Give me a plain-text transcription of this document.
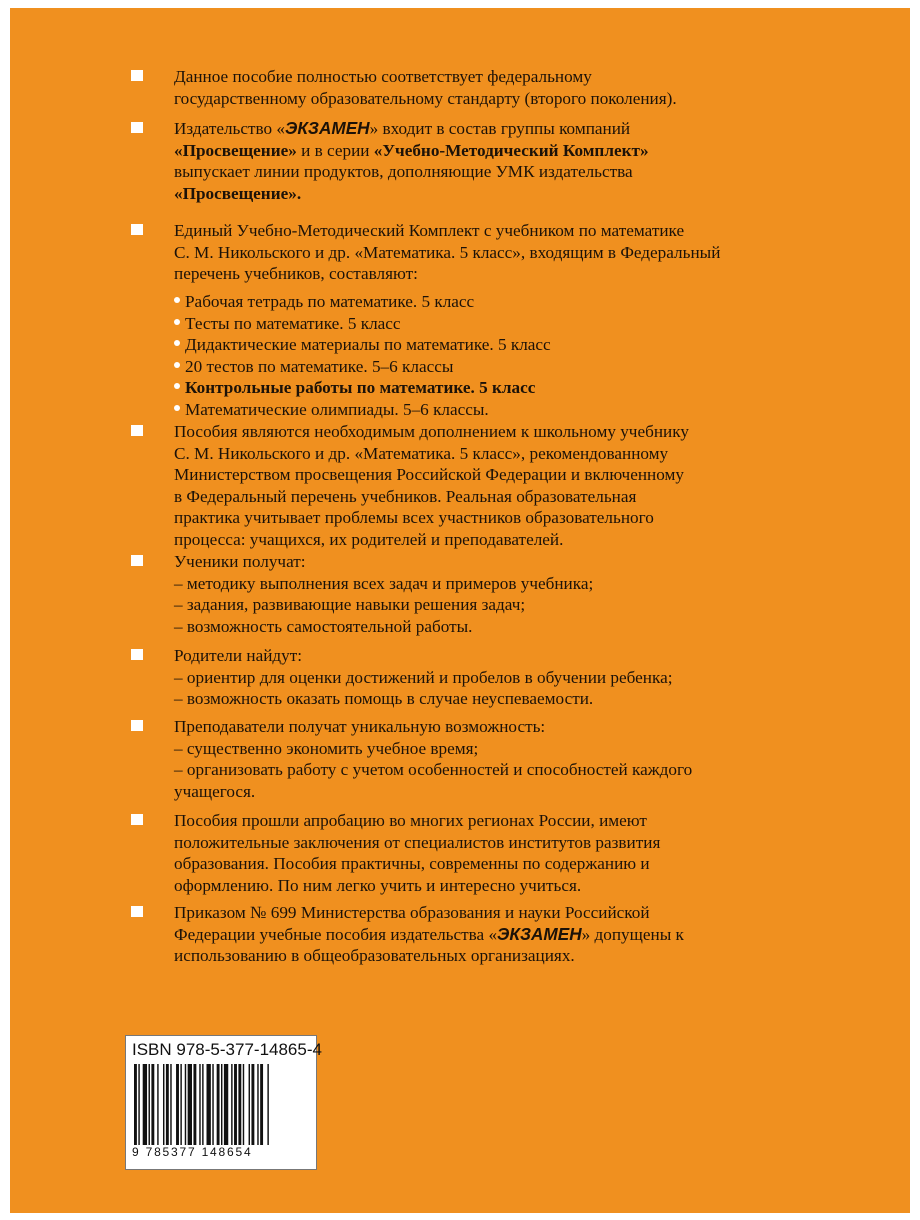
Данное пособие полностью соответствует федеральному
государственному образовательному стандарту (второго поколения).
Издательство «ЭКЗАМЕН» входит в состав группы компаний
«Просвещение» и в серии «Учебно-Методический Комплект»
выпускает линии продуктов, дополняющие УМК издательства
«Просвещение».
Единый Учебно-Методический Комплект с учебником по математике
С. М. Никольского и др. «Математика. 5 класс», входящим в Федеральный
перечень учебников, составляют:
Рабочая тетрадь по математике. 5 класс
Тесты по математике. 5 класс
Дидактические материалы по математике. 5 класс
20 тестов по математике. 5–6 классы
Контрольные работы по математике. 5 класс
Математические олимпиады. 5–6 классы.
Пособия являются необходимым дополнением к школьному учебнику
С. М. Никольского и др. «Математика. 5 класс», рекомендованному
Министерством просвещения Российской Федерации и включенному
в Федеральный перечень учебников. Реальная образовательная
практика учитывает проблемы всех участников образовательного
процесса: учащихся, их родителей и преподавателей.
Ученики получат:
– методику выполнения всех задач и примеров учебника;
– задания, развивающие навыки решения задач;
– возможность самостоятельной работы.
Родители найдут:
– ориентир для оценки достижений и пробелов в обучении ребенка;
– возможность оказать помощь в случае неуспеваемости.
Преподаватели получат уникальную возможность:
– существенно экономить учебное время;
– организовать работу с учетом особенностей и способностей каждого
учащегося.
Пособия прошли апробацию во многих регионах России, имеют
положительные заключения от специалистов институтов развития
образования. Пособия практичны, современны по содержанию и
оформлению. По ним легко учить и интересно учиться.
Приказом № 699 Министерства образования и науки Российской
Федерации учебные пособия издательства «ЭКЗАМЕН» допущены к
использованию в общеобразовательных организациях.
ISBN 978-5-377-14865-4
9 785377 148654
